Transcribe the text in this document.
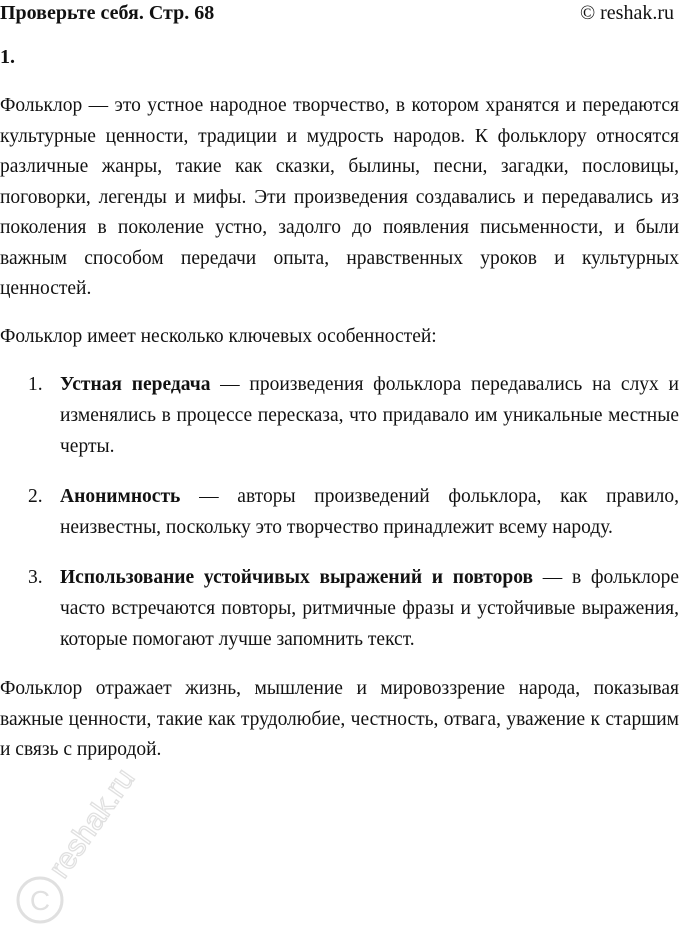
Проверьте себя. Стр. 68	© reshak.ru
1.

Фольклор — это устное народное творчество, в котором хранятся и передаются культурные ценности, традиции и мудрость народов. К фольклору относятся различные жанры, такие как сказки, былины, песни, загадки, пословицы, поговорки, легенды и мифы. Эти произведения создавались и передавались из поколения в поколение устно, задолго до появления письменности, и были важным способом передачи опыта, нравственных уроков и культурных ценностей.

Фольклор имеет несколько ключевых особенностей:

1. Устная передача — произведения фольклора передавались на слух и изменялись в процессе пересказа, что придавало им уникальные местные черты.
2. Анонимность — авторы произведений фольклора, как правило, неизвестны, поскольку это творчество принадлежит всему народу.
3. Использование устойчивых выражений и повторов — в фольклоре часто встречаются повторы, ритмичные фразы и устойчивые выражения, которые помогают лучше запомнить текст.

Фольклор отражает жизнь, мышление и мировоззрение народа, показывая важные ценности, такие как трудолюбие, честность, отвага, уважение к старшим и связь с природой.

C
reshak.ru
